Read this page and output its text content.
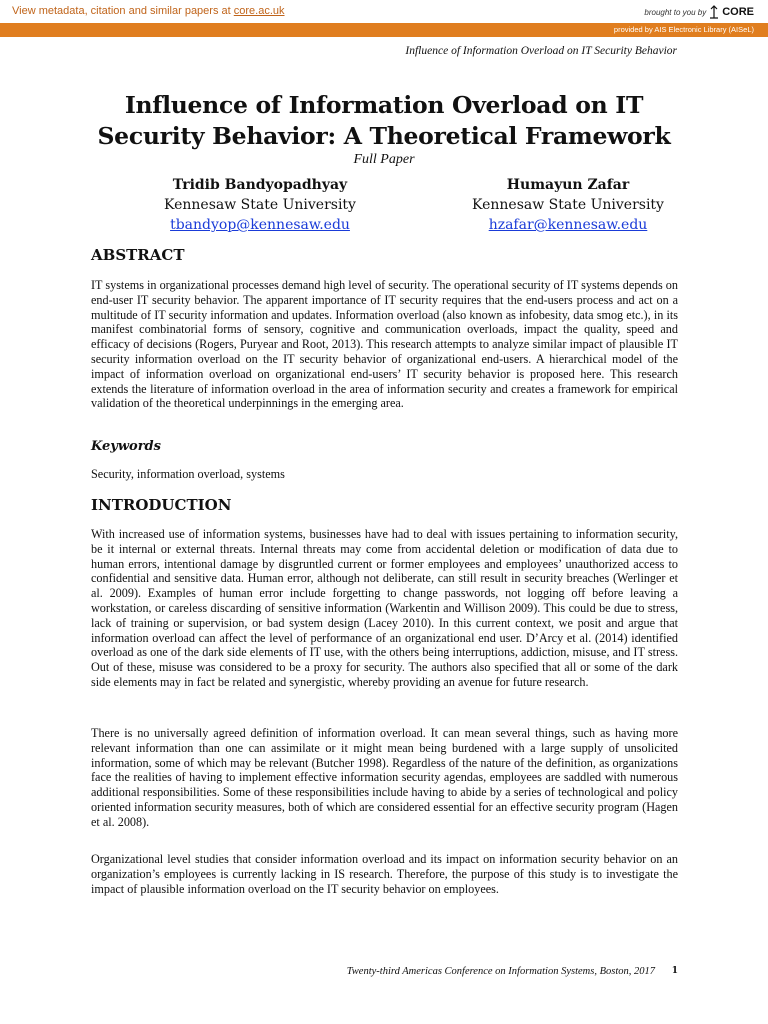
View metadata, citation and similar papers at core.ac.uk	brought to you by CORE
provided by AIS Electronic Library (AISeL)
Influence of Information Overload on IT Security Behavior
Influence of Information Overload on IT
Security Behavior: A Theoretical Framework
Full Paper
Tridib Bandyopadhyay
Kennesaw State University
tbandyop@kennesaw.edu
Humayun Zafar
Kennesaw State University
hzafar@kennesaw.edu
ABSTRACT

IT systems in organizational processes demand high level of security. The operational security of IT systems depends on end-user IT security behavior. The apparent importance of IT security requires that the end-users process and act on a multitude of IT security information and updates. Information overload (also known as infobesity, data smog etc.), in its manifest combinatorial forms of sensory, cognitive and communication overloads, impact the quality, speed and efficacy of decisions (Rogers, Puryear and Root, 2013). This research attempts to analyze similar impact of plausible IT security information overload on the IT security behavior of organizational end-users. A hierarchical model of the impact of information overload on organizational end-users’ IT security behavior is proposed here. This research extends the literature of information overload in the area of information security and creates a framework for empirical validation of the theoretical underpinnings in the emerging area.

Keywords

Security, information overload, systems

INTRODUCTION

With increased use of information systems, businesses have had to deal with issues pertaining to information security, be it internal or external threats. Internal threats may come from accidental deletion or modification of data due to human errors, intentional damage by disgruntled current or former employees and employees’ unauthorized access to confidential and sensitive data. Human error, although not deliberate, can still result in security breaches (Werlinger et al. 2009). Examples of human error include forgetting to change passwords, not logging off before leaving a workstation, or careless discarding of sensitive information (Warkentin and Willison 2009). This could be due to stress, lack of training or supervision, or bad system design (Lacey 2010). In this current context, we posit and argue that information overload can affect the level of performance of an organizational end user. D’Arcy et al. (2014) identified overload as one of the dark side elements of IT use, with the others being interruptions, addiction, misuse, and IT stress. Out of these, misuse was considered to be a proxy for security. The authors also specified that all or some of the dark side elements may in fact be related and synergistic, whereby providing an avenue for future research.

There is no universally agreed definition of information overload. It can mean several things, such as having more relevant information than one can assimilate or it might mean being burdened with a large supply of unsolicited information, some of which may be relevant (Butcher 1998). Regardless of the nature of the definition, as organizations face the realities of having to implement effective information security agendas, employees are saddled with numerous additional responsibilities. Some of these responsibilities include having to abide by a series of technological and policy oriented information security measures, both of which are considered essential for an effective security program (Hagen et al. 2008).

Organizational level studies that consider information overload and its impact on information security behavior on an organization’s employees is currently lacking in IS research. Therefore, the purpose of this study is to investigate the impact of plausible information overload on the IT security behavior on employees.

Twenty-third Americas Conference on Information Systems, Boston, 2017 1
